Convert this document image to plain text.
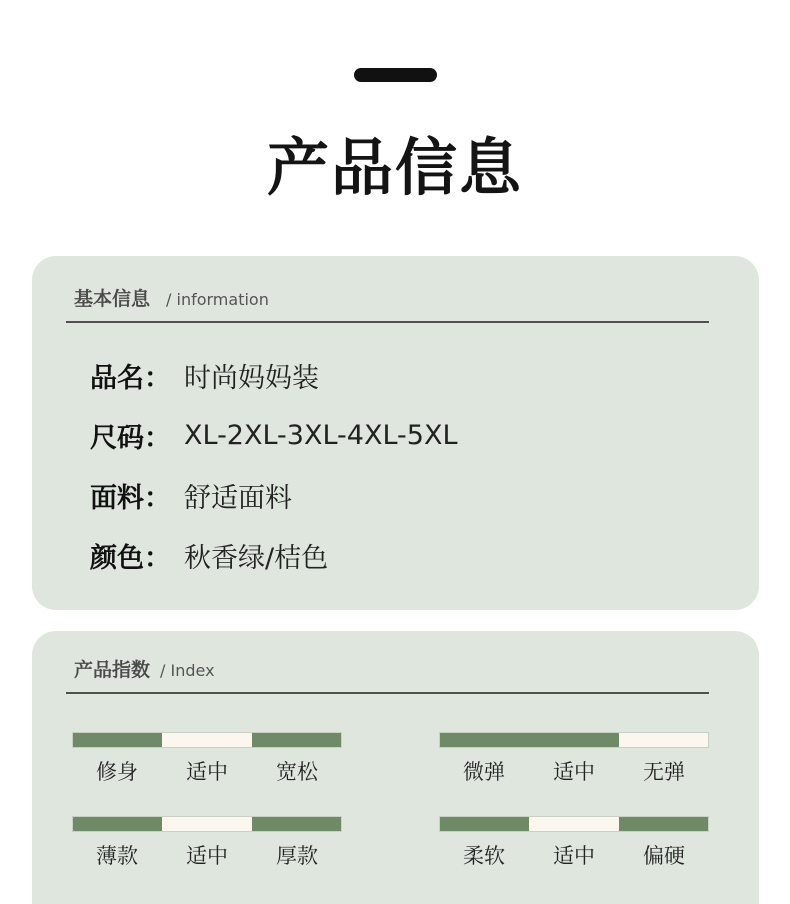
产品信息
基本信息 / information
品名： 时尚妈妈装
尺码： XL-2XL-3XL-4XL-5XL
面料： 舒适面料
颜色： 秋香绿/桔色
产品指数 / Index
修身	适中	宽松	微弹	适中	无弹
薄款	适中	厚款	柔软	适中	偏硬
